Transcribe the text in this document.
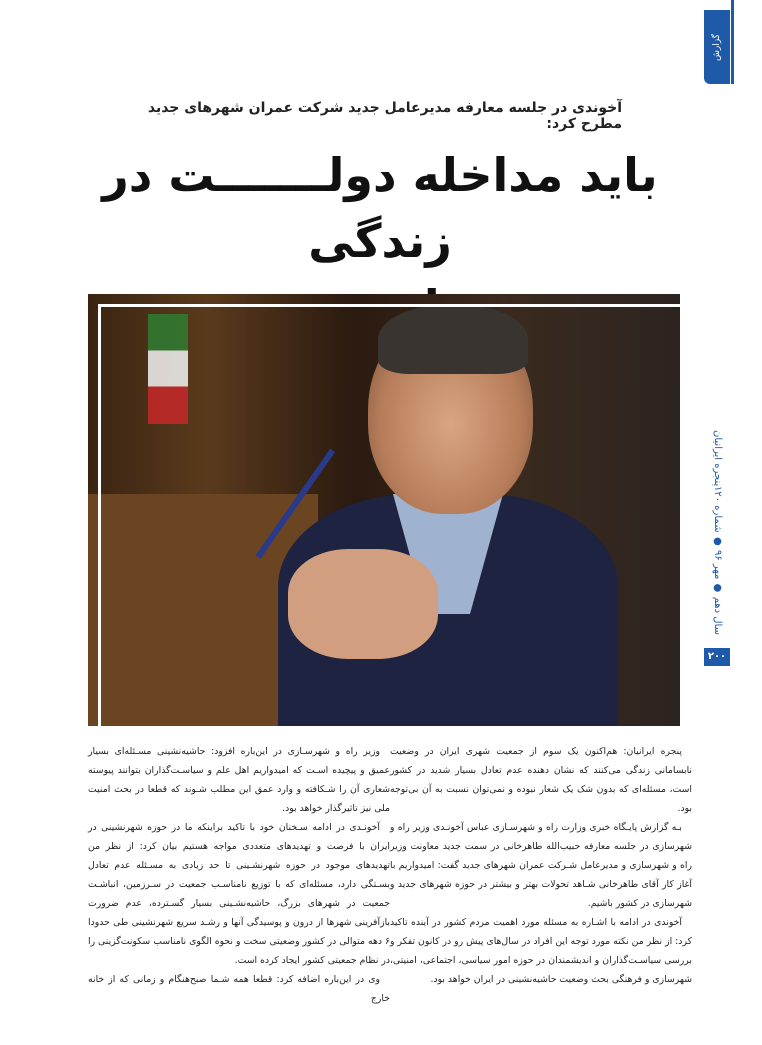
گزارش
آخوندی در جلسه معارفه مدیرعامل جدید شرکت عمران شهرهای جدید مطرح کرد:
باید مداخله دولـــــــت در زندگی
پنجره ایرانیان
سال دهم ● مهر ۹۶ ● شماره ۱۲۰
۲۰۰

پنجره ایرانیان: هم‌اکنون یک سوم از جمعیت شهری ایران در وضعیت نابسامانی زندگی می‌کنند که نشان دهنده عدم تعادل بسیار شدید در کشور است، مسئله‌ای که بدون شک یک شعار نبوده و نمی‌توان نسبت به آن بی‌توجه بود.

بـه گزارش پایـگاه خبری وزارت راه و شهرسـازی عباس آخونـدی وزیر راه و شهرسازی در جلسه معارفه حبیب‌الله طاهرخانی در سمت جدید معاونت وزیر راه و شهرسازی و مدیرعامل شـرکت عمران شهرهای جدید گفت: امیدواریم با آغاز کار آقای طاهرخانی شـاهد تحولات بهتر و بیشتر در حوزه شهرهای جدید و شهرسازی در کشور باشیم.

آخوندی در ادامه با اشـاره به مسئله مورد اهمیت مردم کشور در آینده تاکید کرد: از نظر من نکته مورد توجه این افراد در سال‌های پیش رو در کانون تفکر و بررسی سیاسـت‌گذاران و اندیشمندان در حوزه امور سیاسی، اجتماعی، امنیتی، شهرسازی و فرهنگی بحث وضعیت حاشیه‌نشینی در ایران خواهد بود.

وزیر راه و شهرسـازی در این‌باره افزود: حاشیه‌نشینی مسـئله‌ای بسیار عمیق و پیچیده اسـت که امیدواریم اهل علم و سیاسـت‌گذاران بتوانند پیوسته شعاری آن را شـکافته و وارد عمق این مطلب شـوند که قطعا در بحث امنیت ملی نیز تاثیرگذار خواهد بود.

آخونـدی در ادامه سـخنان خود با تاکید براینکه ما در حوزه شهرنشینی در ایران با فرصت و تهدیدهای متعددی مواجه هستیم بیان کرد: از نظر من تهدیدهای موجود در حوزه شهرنشـینی تا حد زیادی به مسـئله عدم تعادل بسـتگی دارد، مسئله‌ای که با توزیع نامناسـب جمعیت در سـرزمین، انباشـت جمعیت در شهرهای بزرگ، حاشیه‌نشـینی بسیار گسـترده، عدم ضرورت بازآفرینی شهرها از درون و پوسیدگی آنها و رشـد سریع شهرنشینی طی حدودا ۶ دهه متوالی در کشور وضعیتی سخت و نحوه الگوی نامناسب سکونت‌گزینی را در نظام جمعیتی کشور ایجاد کرده است.

وی در این‌باره اضافه کرد: قطعا همه شـما صبح‌هنگام و زمانی که از خانه خارج
